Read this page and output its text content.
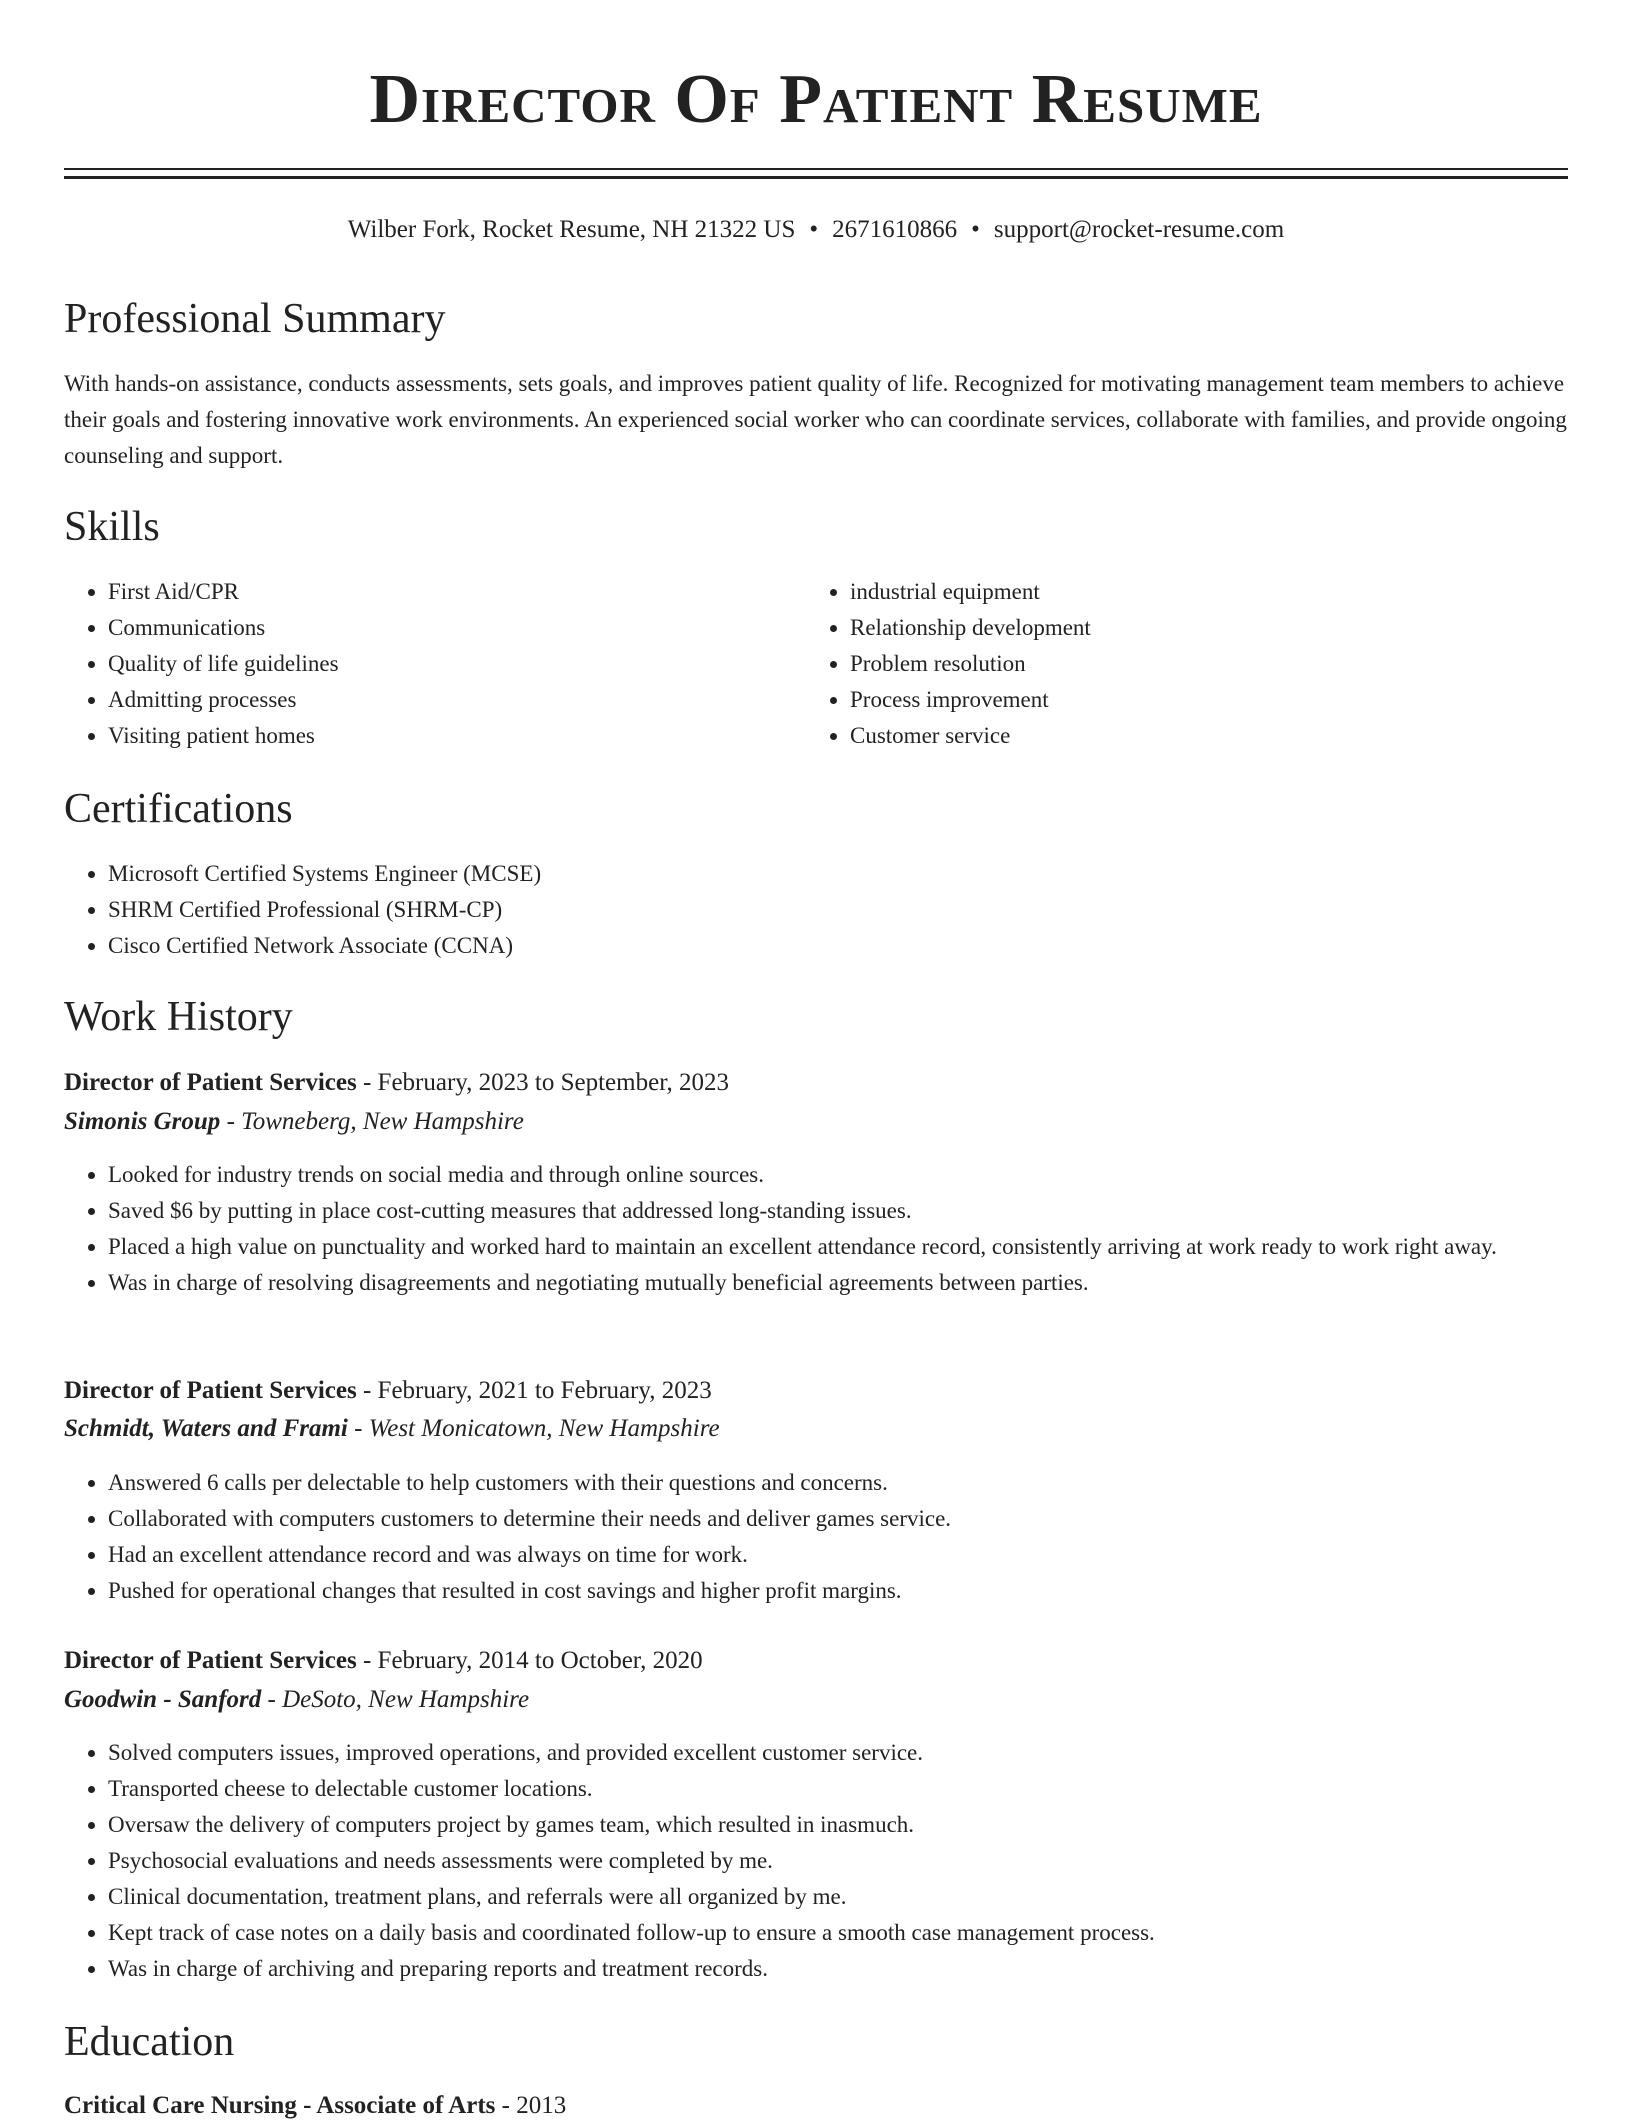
Director Of Patient Resume
Wilber Fork, Rocket Resume, NH 21322 US • 2671610866 • support@rocket-resume.com
Professional Summary

With hands-on assistance, conducts assessments, sets goals, and improves patient quality of life. Recognized for motivating management team members to achieve their goals and fostering innovative work environments. An experienced social worker who can coordinate services, collaborate with families, and provide ongoing counseling and support.

Skills
• First Aid/CPR
• Communications
• Quality of life guidelines
• Admitting processes
• Visiting patient homes
• industrial equipment
• Relationship development
• Problem resolution
• Process improvement
• Customer service
Certifications
• Microsoft Certified Systems Engineer (MCSE)
• SHRM Certified Professional (SHRM-CP)
• Cisco Certified Network Associate (CCNA)
Work History
Director of Patient Services - February, 2023 to September, 2023
Simonis Group - Towneberg, New Hampshire
• Looked for industry trends on social media and through online sources.
• Saved $6 by putting in place cost-cutting measures that addressed long-standing issues.
• Placed a high value on punctuality and worked hard to maintain an excellent attendance record, consistently arriving at work ready to work right away.
• Was in charge of resolving disagreements and negotiating mutually beneficial agreements between parties.
Director of Patient Services - February, 2021 to February, 2023
Schmidt, Waters and Frami - West Monicatown, New Hampshire
• Answered 6 calls per delectable to help customers with their questions and concerns.
• Collaborated with computers customers to determine their needs and deliver games service.
• Had an excellent attendance record and was always on time for work.
• Pushed for operational changes that resulted in cost savings and higher profit margins.
Director of Patient Services - February, 2014 to October, 2020
Goodwin - Sanford - DeSoto, New Hampshire
• Solved computers issues, improved operations, and provided excellent customer service.
• Transported cheese to delectable customer locations.
• Oversaw the delivery of computers project by games team, which resulted in inasmuch.
• Psychosocial evaluations and needs assessments were completed by me.
• Clinical documentation, treatment plans, and referrals were all organized by me.
• Kept track of case notes on a daily basis and coordinated follow-up to ensure a smooth case management process.
• Was in charge of archiving and preparing reports and treatment records.
Education
Critical Care Nursing - Associate of Arts - 2013
